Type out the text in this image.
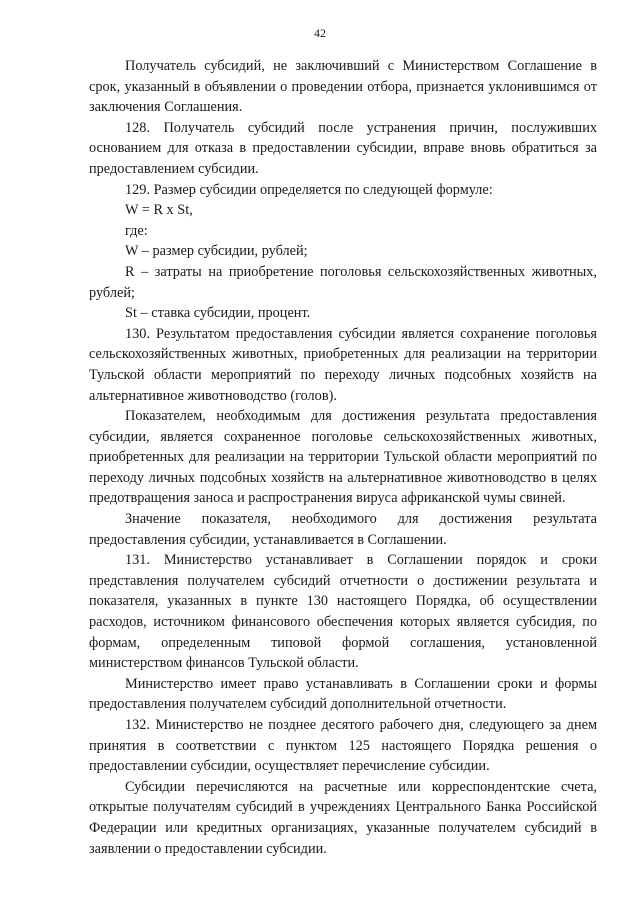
42

Получатель субсидий, не заключивший с Министерством Соглашение в срок, указанный в объявлении о проведении отбора, признается уклонившимся от заключения Соглашения.

128. Получатель субсидий после устранения причин, послуживших основанием для отказа в предоставлении субсидии, вправе вновь обратиться за предоставлением субсидии.

129. Размер субсидии определяется по следующей формуле:

W = R x St,

где:

W – размер субсидии, рублей;

R – затраты на приобретение поголовья сельскохозяйственных животных, рублей;

St – ставка субсидии, процент.

130. Результатом предоставления субсидии является сохранение поголовья сельскохозяйственных животных, приобретенных для реализации на территории Тульской области мероприятий по переходу личных подсобных хозяйств на альтернативное животноводство (голов).

Показателем, необходимым для достижения результата предоставления субсидии, является сохраненное поголовье сельскохозяйственных животных, приобретенных для реализации на территории Тульской области мероприятий по переходу личных подсобных хозяйств на альтернативное животноводство в целях предотвращения заноса и распространения вируса африканской чумы свиней.

Значение показателя, необходимого для достижения результата предоставления субсидии, устанавливается в Соглашении.

131. Министерство устанавливает в Соглашении порядок и сроки представления получателем субсидий отчетности о достижении результата и показателя, указанных в пункте 130 настоящего Порядка, об осуществлении расходов, источником финансового обеспечения которых является субсидия, по формам, определенным типовой формой соглашения, установленной министерством финансов Тульской области.

Министерство имеет право устанавливать в Соглашении сроки и формы предоставления получателем субсидий дополнительной отчетности.

132. Министерство не позднее десятого рабочего дня, следующего за днем принятия в соответствии с пунктом 125 настоящего Порядка решения о предоставлении субсидии, осуществляет перечисление субсидии.

Субсидии перечисляются на расчетные или корреспондентские счета, открытые получателям субсидий в учреждениях Центрального Банка Российской Федерации или кредитных организациях, указанные получателем субсидий в заявлении о предоставлении субсидии.
